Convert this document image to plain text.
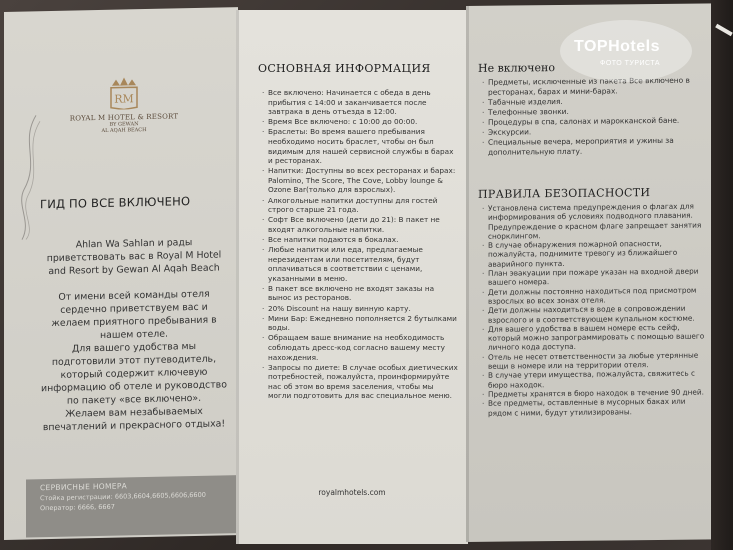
RM
ROYAL M HOTEL & RESORT
BY GEWAN
AL AQAH BEACH
ГИД ПО ВСЕ ВКЛЮЧЕНО
Ahlan Wa Sahlan и рады
приветствовать вас в Royal M Hotel
and Resort by Gewan Al Aqah Beach

От имени всей команды отеля
сердечно приветствуем вас и
желаем приятного пребывания в
нашем отеле.
Для вашего удобства мы
подготовили этот путеводитель,
который содержит ключевую
информацию об отеле и руководство
по пакету «все включено».
Желаем вам незабываемых
впечатлений и прекрасного отдыха!
СЕРВИСНЫЕ НОМЕРА
Стойка регистрации: 6603,6604,6605,6606,6600
Оператор: 6666, 6667
ОСНОВНАЯ ИНФОРМАЦИЯ
· Все включено: Начинается с обеда в день прибытия с 14:00 и заканчивается после завтрака в день отъезда в 12:00.
· Время Все включено: с 10:00 до 00:00.
· Браслеты: Во время вашего пребывания необходимо носить браслет, чтобы он был видимым для нашей сервисной службы в барах и ресторанах.
· Напитки: Доступны во всех ресторанах и барах: Palomino, The Score, The Cove, Lobby lounge & Ozone Bar(только для взрослых).
· Алкогольные напитки доступны для гостей строго старше 21 года.
· Софт Все включено (дети до 21): В пакет не входят алкогольные напитки.
· Все напитки подаются в бокалах.
· Любые напитки или еда, предлагаемые нерезидентам или посетителям, будут оплачиваться в соответствии с ценами, указанными в меню.
· В пакет все включено не входят заказы на вынос из ресторанов.
· 20% Discount на нашу винную карту.
· Мини Бар: Ежедневно пополняется 2 бутылками воды.
· Обращаем ваше внимание на необходимость соблюдать дресс-код согласно вашему месту нахождения.
· Запросы по диете: В случае особых диетических потребностей, пожалуйста, проинформируйте нас об этом во время заселения, чтобы мы могли подготовить для вас специальное меню.
royalmhotels.com
Не включено
· Предметы, исключенные из пакета Все включено в ресторанах, барах и мини-барах.
· Табачные изделия.
· Телефонные звонки.
· Процедуры в спа, салонах и марокканской бане.
· Экскурсии.
· Специальные вечера, мероприятия и ужины за дополнительную плату.
ПРАВИЛА БЕЗОПАСНОСТИ
· Установлена система предупреждения о флагах для информирования об условиях подводного плавания. Предупреждение о красном флаге запрещает занятия снорклингом.
· В случае обнаружения пожарной опасности, пожалуйста, поднимите тревогу из ближайшего аварийного пункта.
· План эвакуации при пожаре указан на входной двери вашего номера.
· Дети должны постоянно находиться под присмотром взрослых во всех зонах отеля.
· Дети должны находиться в воде в сопровождении взрослого и в соответствующем купальном костюме.
· Для вашего удобства в вашем номере есть сейф, который можно запрограммировать с помощью вашего личного кода доступа.
· Отель не несет ответственности за любые утерянные вещи в номере или на территории отеля.
· В случае утери имущества, пожалуйста, свяжитесь с бюро находок.
· Предметы хранятся в бюро находок в течение 90 дней.
· Все предметы, оставленные в мусорных баках или рядом с ними, будут утилизированы.
TOPHotels
ФОТО ТУРИСТА
